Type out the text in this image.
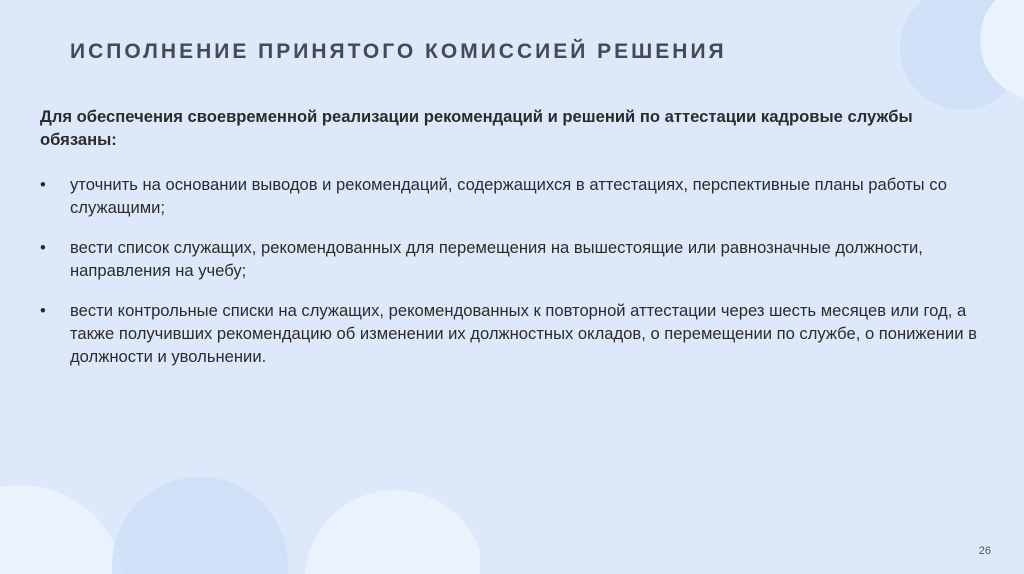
ИСПОЛНЕНИЕ ПРИНЯТОГО КОМИССИЕЙ РЕШЕНИЯ
Для обеспечения своевременной реализации рекомендаций и решений по аттестации кадровые службы обязаны:
• уточнить на основании выводов и рекомендаций, содержащихся в аттестациях, перспективные планы работы со служащими;
• вести список служащих, рекомендованных для перемещения на вышестоящие или равнозначные должности, направления на учебу;
• вести контрольные списки на служащих, рекомендованных к повторной аттестации через шесть месяцев или год, а также получивших рекомендацию об изменении их должностных окладов, о перемещении по службе, о понижении в должности и увольнении.
26
